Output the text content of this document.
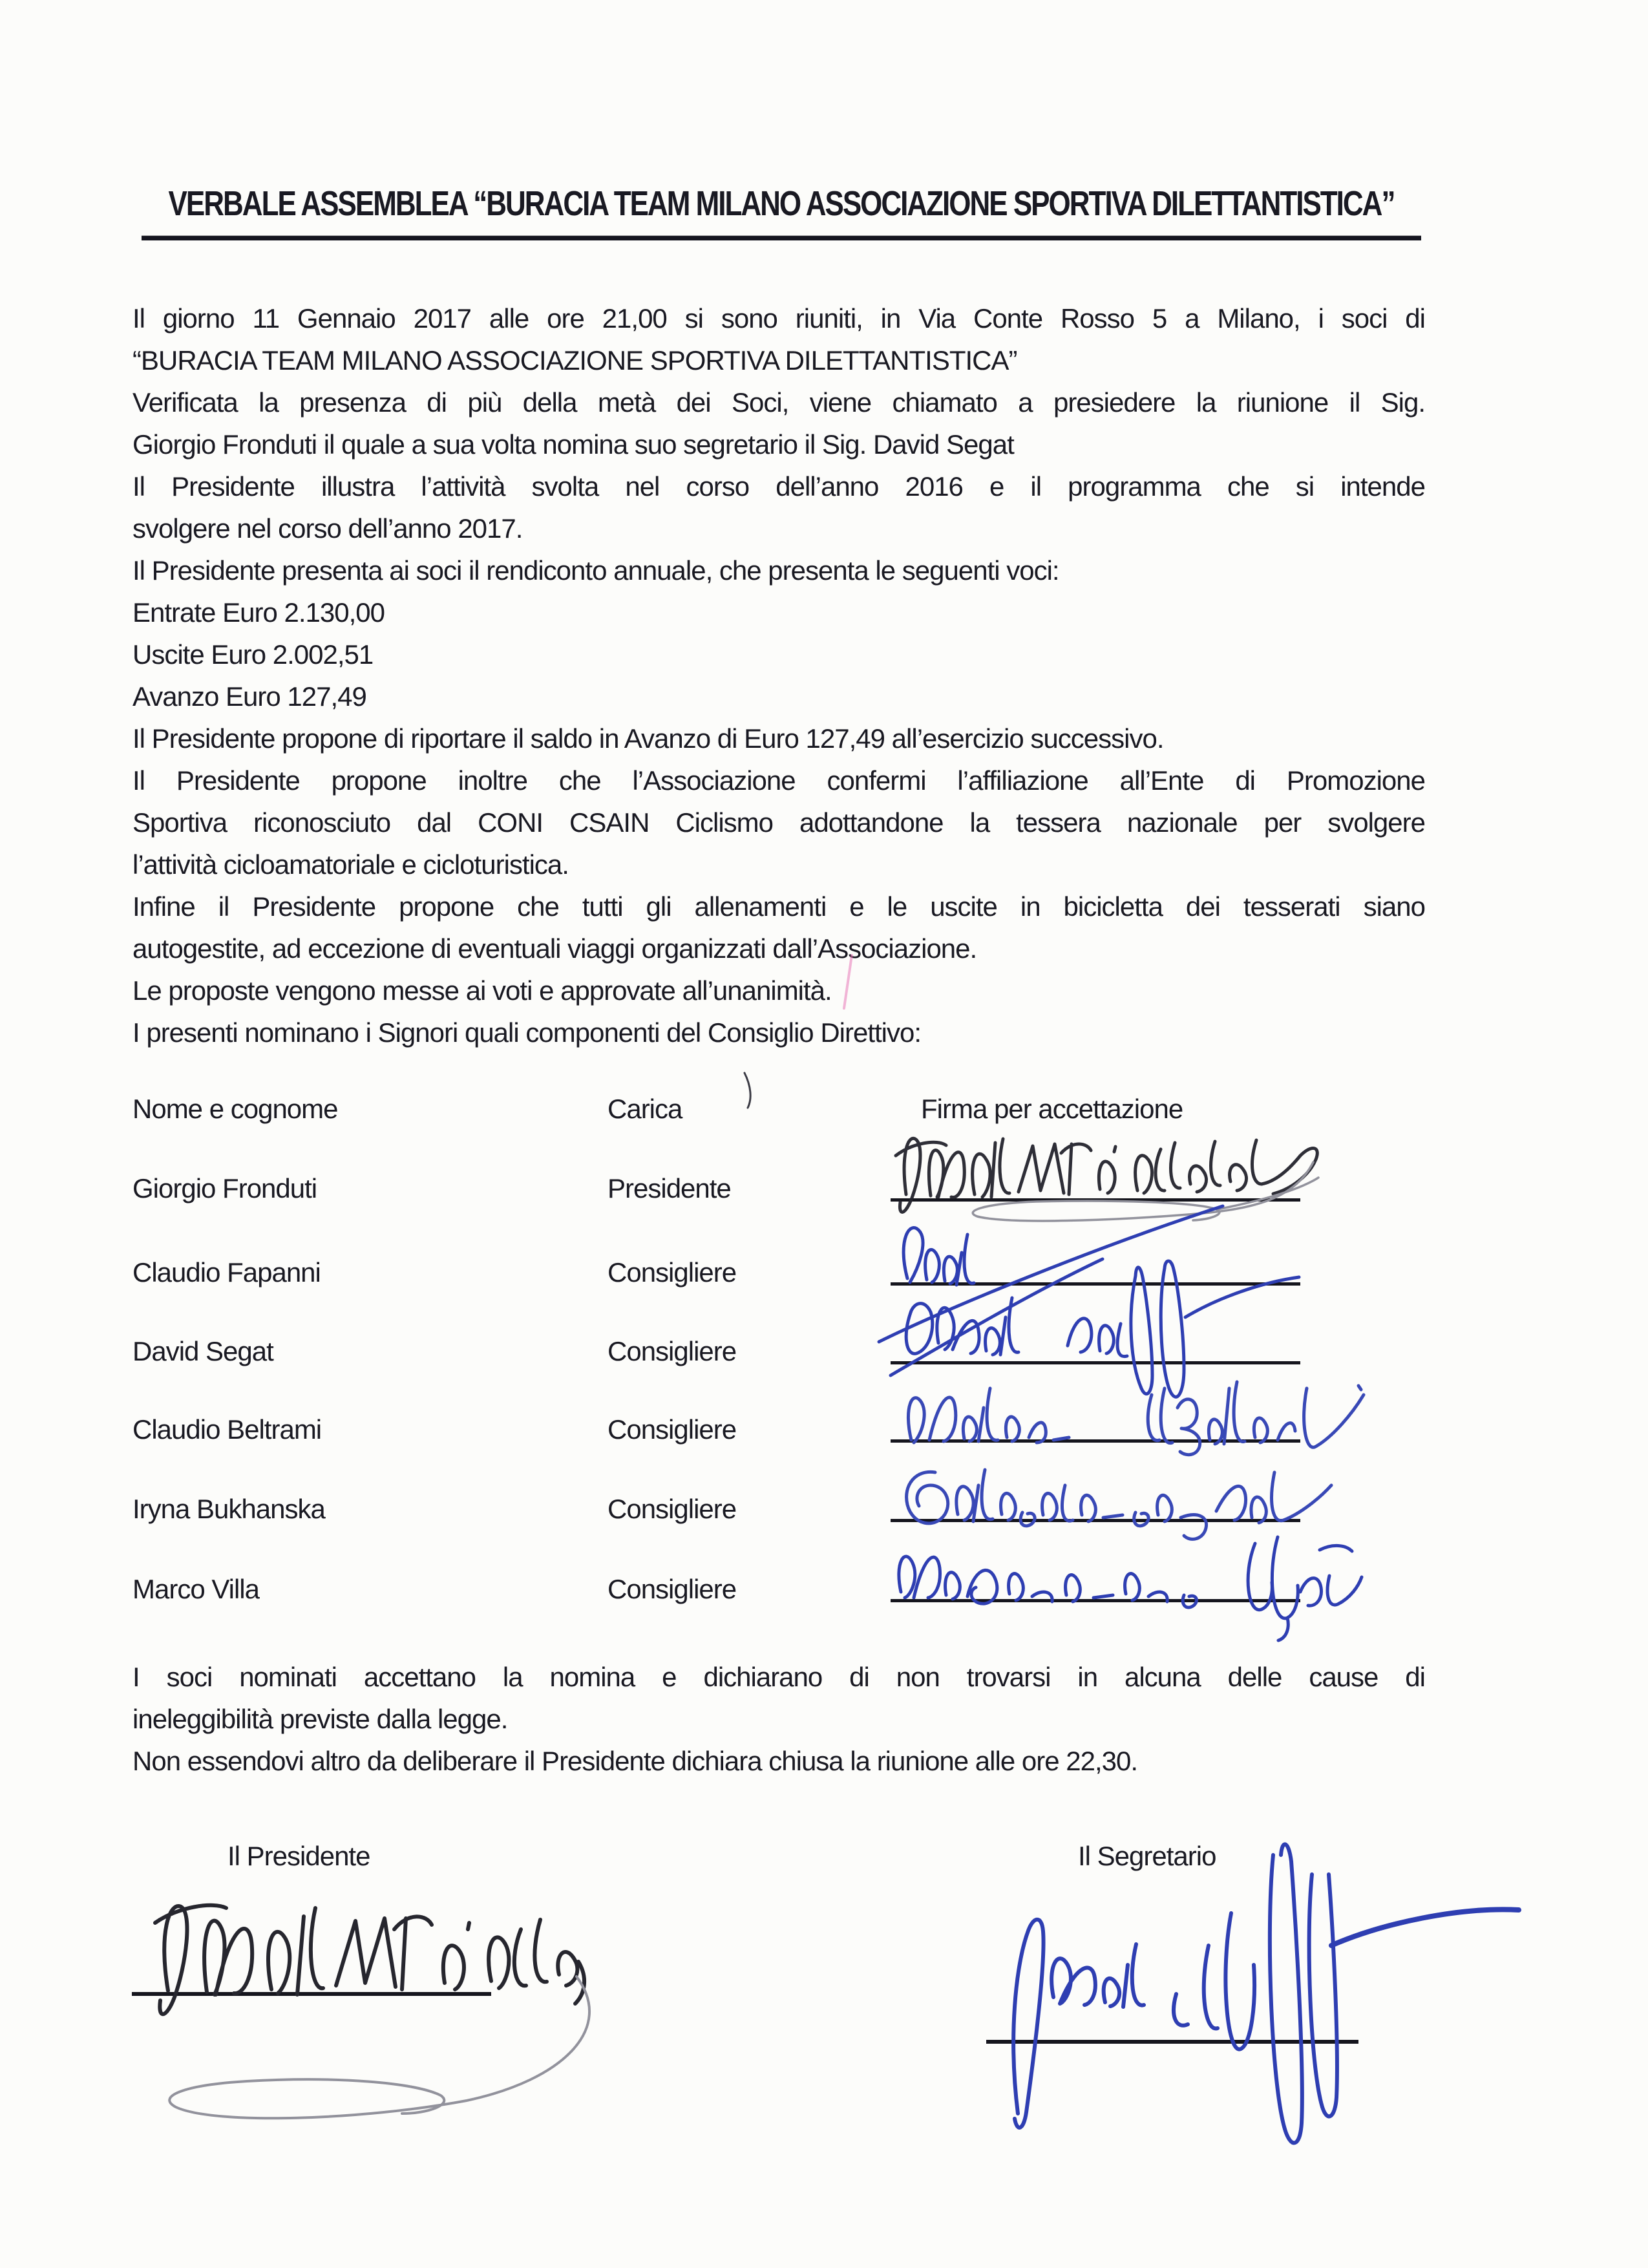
VERBALE ASSEMBLEA “BURACIA TEAM MILANO ASSOCIAZIONE SPORTIVA DILETTANTISTICA”
Il giorno 11 Gennaio 2017 alle ore 21,00 si sono riuniti, in Via Conte Rosso 5 a Milano, i soci di
“BURACIA TEAM MILANO ASSOCIAZIONE SPORTIVA DILETTANTISTICA”
Verificata la presenza di più della metà dei Soci, viene chiamato a presiedere la riunione il Sig.
Giorgio Fronduti il quale a sua volta nomina suo segretario il Sig. David Segat
Il Presidente illustra l’attività svolta nel corso dell’anno 2016 e il programma che si intende
svolgere nel corso dell’anno 2017.
Il Presidente presenta ai soci il rendiconto annuale, che presenta le seguenti voci:
Entrate Euro 2.130,00
Uscite Euro 2.002,51
Avanzo Euro 127,49
Il Presidente propone di riportare il saldo in Avanzo di Euro 127,49 all’esercizio successivo.
Il Presidente propone inoltre che l’Associazione confermi l’affiliazione all’Ente di Promozione
Sportiva riconosciuto dal CONI CSAIN Ciclismo adottandone la tessera nazionale per svolgere
l’attività cicloamatoriale e cicloturistica.
Infine il Presidente propone che tutti gli allenamenti e le uscite in bicicletta dei tesserati siano
autogestite, ad eccezione di eventuali viaggi organizzati dall’Associazione.
Le proposte vengono messe ai voti e approvate all’unanimità.
I presenti nominano i Signori quali componenti del Consiglio Direttivo:
Nome e cognome	Carica	Firma per accettazione
Giorgio Fronduti	Presidente
Claudio Fapanni	Consigliere
David Segat	Consigliere
Claudio Beltrami	Consigliere
Iryna Bukhanska	Consigliere
Marco Villa	Consigliere
I soci nominati accettano la nomina e dichiarano di non trovarsi in alcuna delle cause di
ineleggibilità previste dalla legge.
Non essendovi altro da deliberare il Presidente dichiara chiusa la riunione alle ore 22,30.
Il Presidente	Il Segretario
